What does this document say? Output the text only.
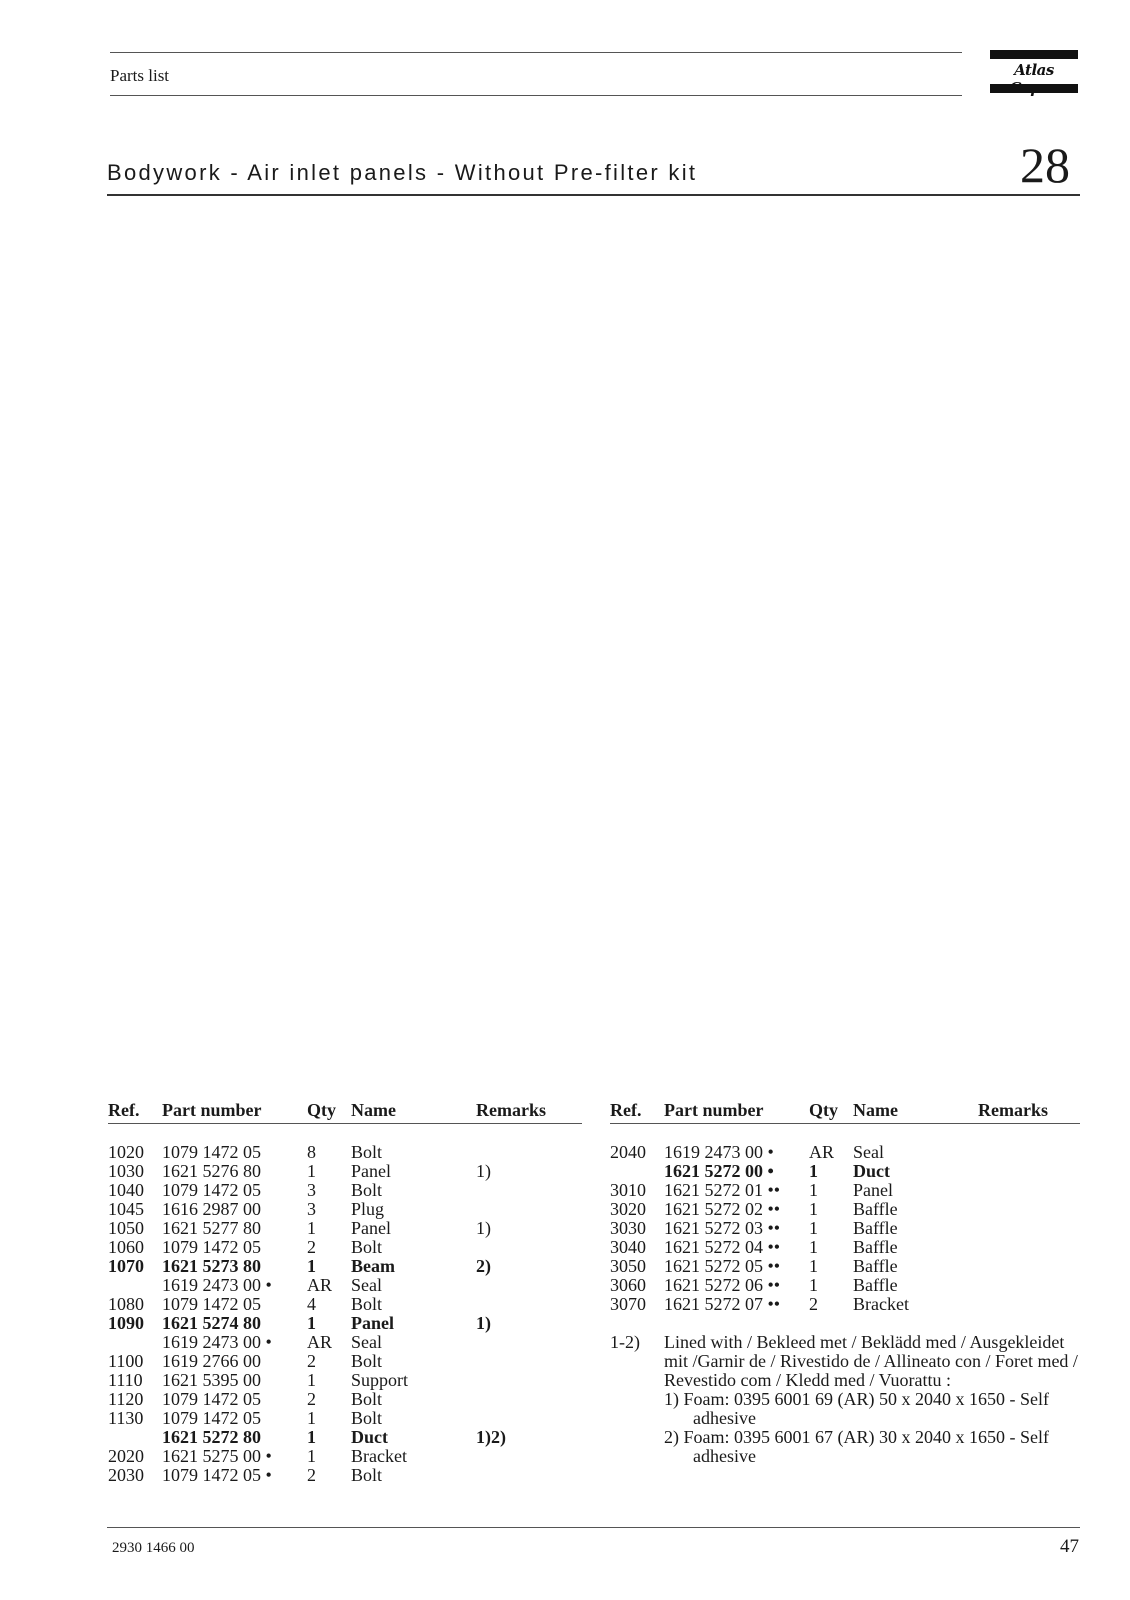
Parts list	Atlas
Bodywork - Air inlet panels - Without Pre-filter kit	28
Ref.	Part number	Qty	Name	Remarks

1020	1079 1472 05	8	Bolt	
1030	1621 5276 80	1	Panel	1)
1040	1079 1472 05	3	Bolt	
1045	1616 2987 00	3	Plug	
1050	1621 5277 80	1	Panel	1)
1060	1079 1472 05	2	Bolt	
1070	1621 5273 80	1	Beam	2)
	1619 2473 00 •	AR	Seal	
1080	1079 1472 05	4	Bolt	
1090	1621 5274 80	1	Panel	1)
	1619 2473 00 •	AR	Seal	
1100	1619 2766 00	2	Bolt	
1110	1621 5395 00	1	Support	
1120	1079 1472 05	2	Bolt	
1130	1079 1472 05	1	Bolt	
	1621 5272 80	1	Duct	1)2)
2020	1621 5275 00 •	1	Bracket	
2030	1079 1472 05 •	2	Bolt	
Ref.	Part number	Qty	Name	Remarks

2040	1619 2473 00 •	AR	Seal	
	1621 5272 00 •	1	Duct	
3010	1621 5272 01 ••	1	Panel	
3020	1621 5272 02 ••	1	Baffle	
3030	1621 5272 03 ••	1	Baffle	
3040	1621 5272 04 ••	1	Baffle	
3050	1621 5272 05 ••	1	Baffle	
3060	1621 5272 06 ••	1	Baffle	
3070	1621 5272 07 ••	2	Bracket	
1-2) Lined with / Bekleed met / Beklädd med / Ausgekleidet mit /Garnir de / Rivestido de / Allineato con / Foret med / Revestido com / Kledd med / Vuorattu :
1) Foam: 0395 6001 69 (AR) 50 x 2040 x 1650 - Self adhesive
2) Foam: 0395 6001 67 (AR) 30 x 2040 x 1650 - Self adhesive
2930 1466 00	47
